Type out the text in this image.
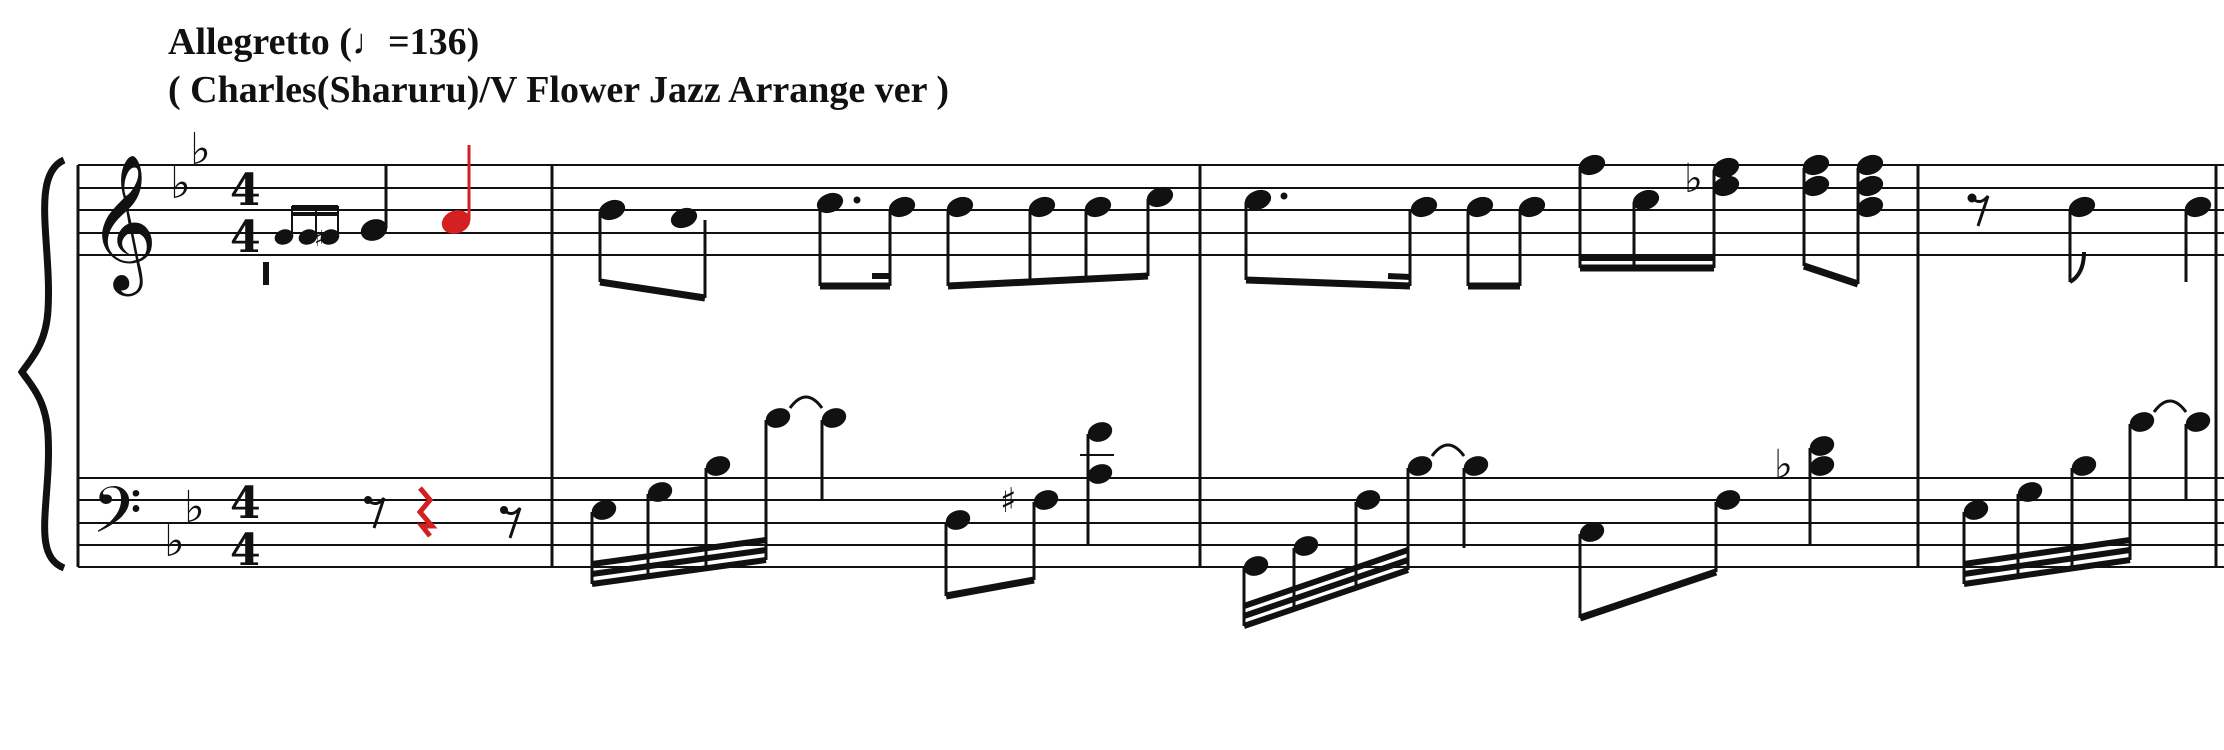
Allegretto (♩=136)
( Charles(Sharuru)/V Flower Jazz Arrange ver )
𝄞
𝄢
♭
♭
♭
♭
4
4
4
4
♯
♭
♯
♭
